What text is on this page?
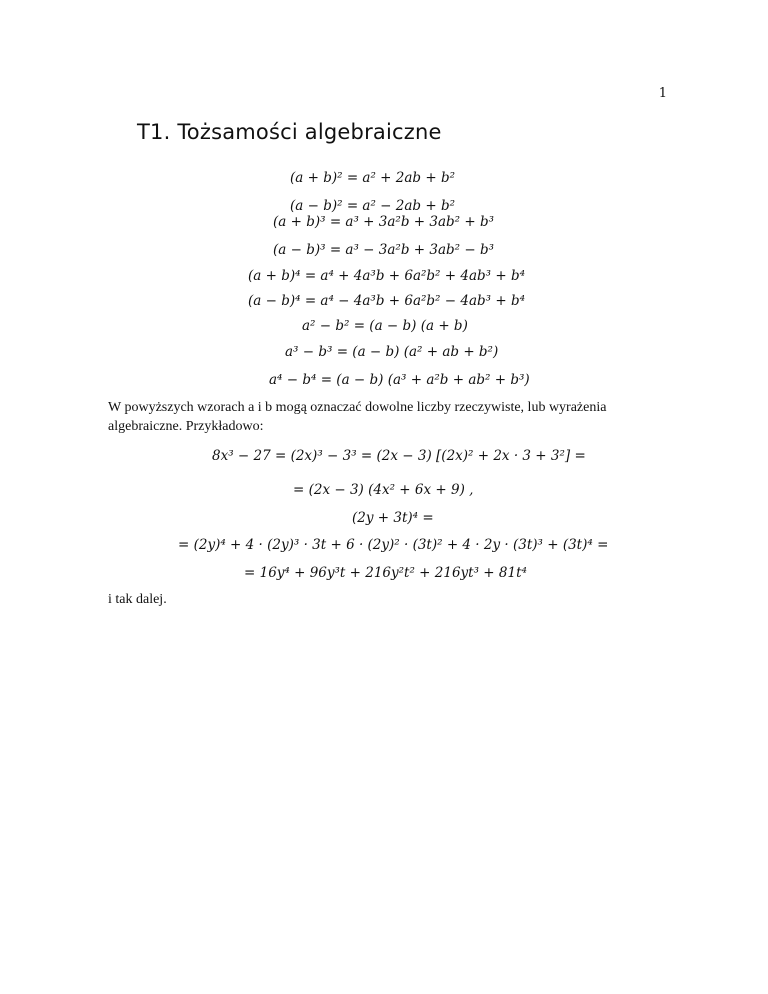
1
T1. Tożsamości algebraiczne
(a + b)² = a² + 2ab + b²
(a − b)² = a² − 2ab + b²
(a + b)³ = a³ + 3a²b + 3ab² + b³
(a − b)³ = a³ − 3a²b + 3ab² − b³
(a + b)⁴ = a⁴ + 4a³b + 6a²b² + 4ab³ + b⁴
(a − b)⁴ = a⁴ − 4a³b + 6a²b² − 4ab³ + b⁴
a² − b² = (a − b) (a + b)
a³ − b³ = (a − b) (a² + ab + b²)
a⁴ − b⁴ = (a − b) (a³ + a²b + ab² + b³)
W powyższych wzorach a i b mogą oznaczać dowolne liczby rzeczywiste, lub wyrażenia algebraiczne. Przykładowo:
8x³ − 27 = (2x)³ − 3³ = (2x − 3) [(2x)² + 2x · 3 + 3²] =
= (2x − 3) (4x² + 6x + 9) ,
(2y + 3t)⁴ =
= (2y)⁴ + 4 · (2y)³ · 3t + 6 · (2y)² · (3t)² + 4 · 2y · (3t)³ + (3t)⁴ =
= 16y⁴ + 96y³t + 216y²t² + 216yt³ + 81t⁴
i tak dalej.
